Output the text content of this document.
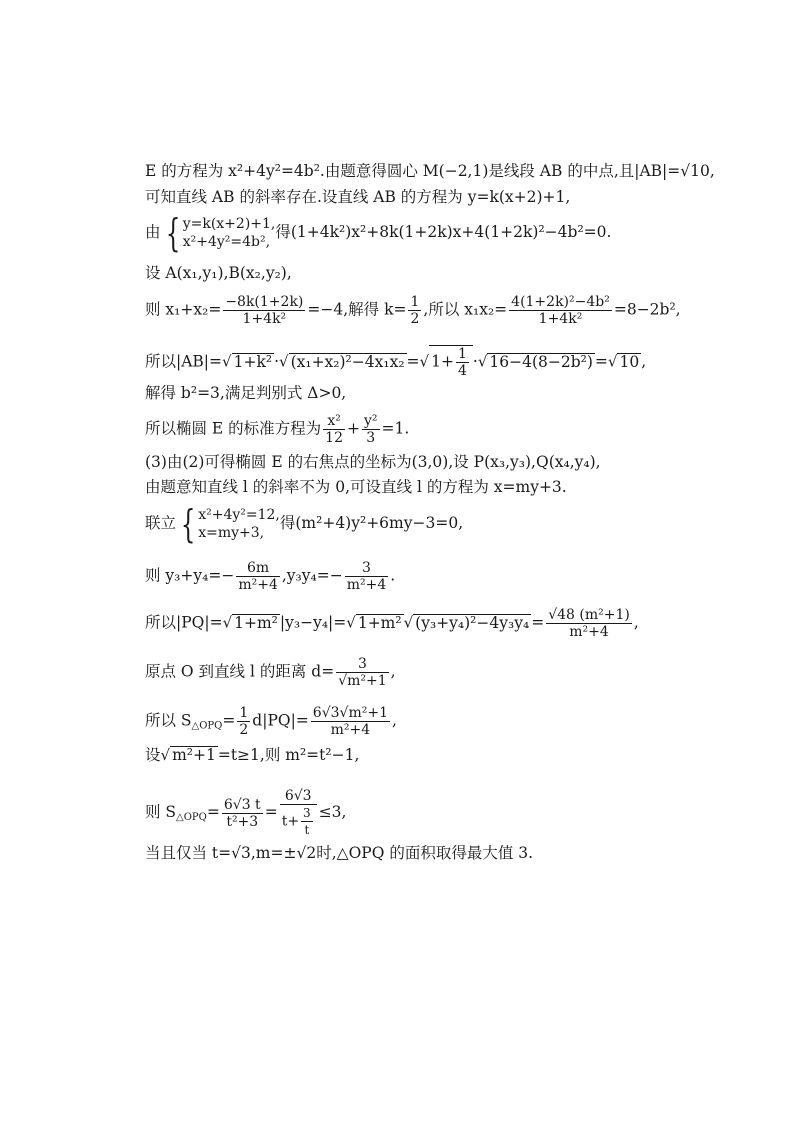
E 的方程为 x²+4y²=4b².由题意得圆心 M(−2,1)是线段 AB 的中点,且|AB|=√10,
可知直线 AB 的斜率存在.设直线 AB 的方程为 y=k(x+2)+1,
由 { y=k(x+2)+1,
x²+4y²=4b²,
得(1+4k²)x²+8k(1+2k)x+4(1+2k)²−4b²=0.
设 A(x₁,y₁),B(x₂,y₂),
则 $x_1+x_2= \frac{-8k(1+2k)}{\text{1+4k²}} =-4$,解得 $k= \frac{1}{2}$ ,所以 $x_1x_2= \frac{\text{4(1+2k)²−4b²}}{\text{1+4k²}} =8-2b^2$,
所以|AB|=√ 1+k² ·√ (x₁+x₂)²−4x₁x₂ =√ $1+ \frac{1}{4}$ ·√ 16−4(8−2b²) =√ 10 ,
解得 b²=3,满足判别式 Δ>0,
所以椭圆 E 的标准方程为 $\frac{\text{x²}}{12} + \frac{\text{y²}}{3} =1$.
(3)由(2)可得椭圆 E 的右焦点的坐标为(3,0),设 P(x₃,y₃),Q(x₄,y₄),
由题意知直线 l 的斜率不为 0,可设直线 l 的方程为 x=my+3.
联立 { x²+4y²=12,
x=my+3,
得(m²+4)y²+6my−3=0,
则 $y_3+y_4=- \frac{6m}{\text{m²+4}} ,y_3y_4=- \frac{3}{\text{m²+4}}$ .
所以|PQ|=√ 1+m² |y₃−y₄|=√ 1+m² √ $(y_3+y_4)^2-4y_3y_4 = \frac{\text{√48 (m²+1)}}{\text{m²+4}}$ ,
原点 O 到直线 l 的距离 $d= \frac{3}{\text{√m²+1}}$ ,
所以 $S_{\triangle OPQ}= \frac{1}{2} d|PQ|= \frac{\text{6√3√m²+1}}{\text{m²+4}}$ ,
设√ m²+1 =t≥1,则 m²=t²−1,
则 $S_{\triangle OPQ}= \frac{6√3 t}{\text{t²+3}} = \frac{6√3}{t+ \frac{3}{t}} \le 3$,
当且仅当 t=√3,m=±√2时,△OPQ 的面积取得最大值 3.
